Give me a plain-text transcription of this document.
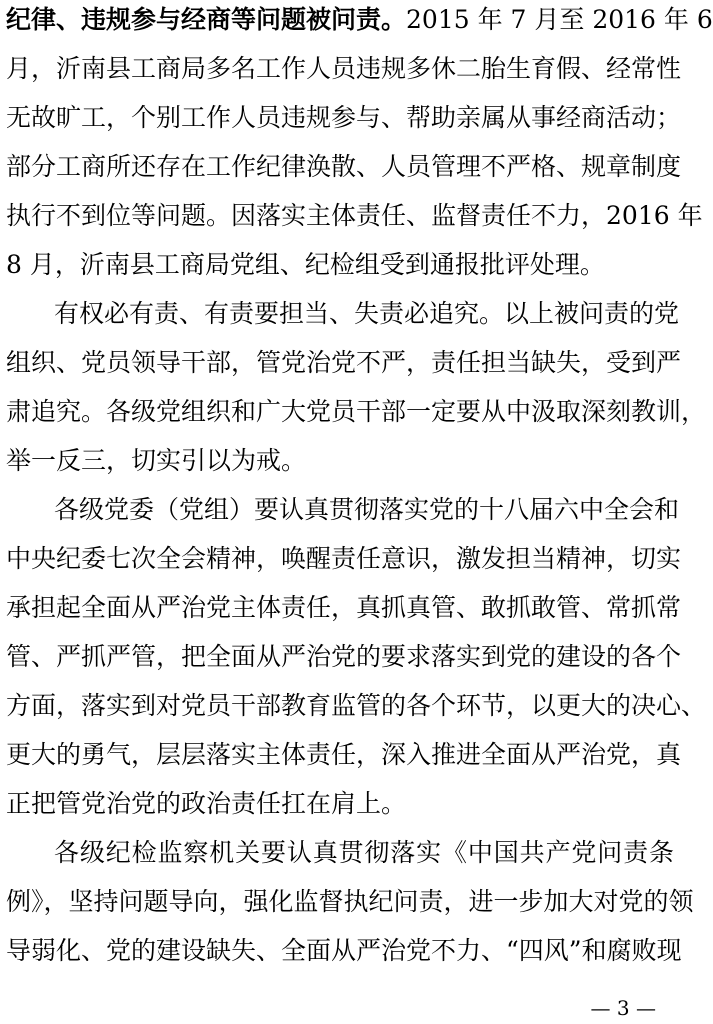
纪律、违规参与经商等问题被问责。2015 年 7 月至 2016 年 6
月，沂南县工商局多名工作人员违规多休二胎生育假、经常性
无故旷工，个别工作人员违规参与、帮助亲属从事经商活动；
部分工商所还存在工作纪律涣散、人员管理不严格、规章制度
执行不到位等问题。因落实主体责任、监督责任不力，2016 年
8 月，沂南县工商局党组、纪检组受到通报批评处理。
有权必有责、有责要担当、失责必追究。以上被问责的党
组织、党员领导干部，管党治党不严，责任担当缺失，受到严
肃追究。各级党组织和广大党员干部一定要从中汲取深刻教训，
举一反三，切实引以为戒。
各级党委（党组）要认真贯彻落实党的十八届六中全会和
中央纪委七次全会精神，唤醒责任意识，激发担当精神，切实
承担起全面从严治党主体责任，真抓真管、敢抓敢管、常抓常
管、严抓严管，把全面从严治党的要求落实到党的建设的各个
方面，落实到对党员干部教育监管的各个环节，以更大的决心、
更大的勇气，层层落实主体责任，深入推进全面从严治党，真
正把管党治党的政治责任扛在肩上。
各级纪检监察机关要认真贯彻落实《中国共产党问责条
例》，坚持问题导向，强化监督执纪问责，进一步加大对党的领
导弱化、党的建设缺失、全面从严治党不力、“四风”和腐败现
— 3 —
